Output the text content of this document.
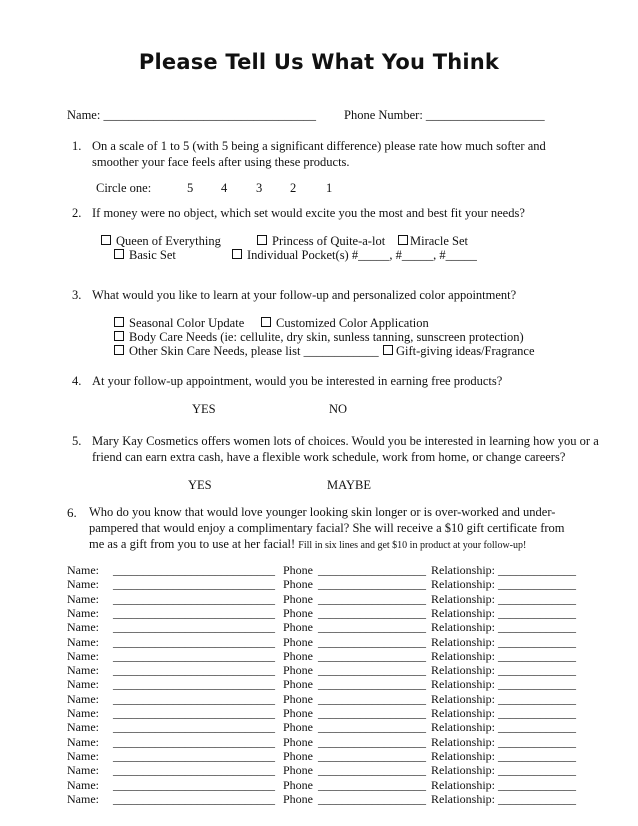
Please Tell Us What You Think
Name: __________________________________ Phone Number: ___________________
1. On a scale of 1 to 5 (with 5 being a significant difference) please rate how much softer and
smoother your face feels after using these products.
Circle one:	5 4 3 2 1
2. If money were no object, which set would excite you the most and best fit your needs?
Queen of Everything	Princess of Quite-a-lot	Miracle Set
Basic Set	Individual Pocket(s) #_____, #_____, #_____
3. What would you like to learn at your follow-up and personalized color appointment?
Seasonal Color Update	Customized Color Application
Body Care Needs (ie: cellulite, dry skin, sunless tanning, sunscreen protection)
Other Skin Care Needs, please list ____________	Gift-giving ideas/Fragrance
4. At your follow-up appointment, would you be interested in earning free products?
YES	NO
5. Mary Kay Cosmetics offers women lots of choices. Would you be interested in learning how you or a
friend can earn extra cash, have a flexible work schedule, work from home, or change careers?
YES	MAYBE
6. Who do you know that would love younger looking skin longer or is over-worked and under-
pampered that would enjoy a complimentary facial? She will receive a $10 gift certificate from
me as a gift from you to use at her facial! Fill in six lines and get $10 in product at your follow-up!
Name: ___________________________ Phone __________________ Relationship: _____________
Name: ___________________________ Phone __________________ Relationship: _____________
Name: ___________________________ Phone __________________ Relationship: _____________
Name: ___________________________ Phone __________________ Relationship: _____________
Name: ___________________________ Phone __________________ Relationship: _____________
Name: ___________________________ Phone __________________ Relationship: _____________
Name: ___________________________ Phone __________________ Relationship: _____________
Name: ___________________________ Phone __________________ Relationship: _____________
Name: ___________________________ Phone __________________ Relationship: _____________
Name: ___________________________ Phone __________________ Relationship: _____________
Name: ___________________________ Phone __________________ Relationship: _____________
Name: ___________________________ Phone __________________ Relationship: _____________
Name: ___________________________ Phone __________________ Relationship: _____________
Name: ___________________________ Phone __________________ Relationship: _____________
Name: ___________________________ Phone __________________ Relationship: _____________
Name: ___________________________ Phone __________________ Relationship: _____________
Name: ___________________________ Phone __________________ Relationship: _____________
